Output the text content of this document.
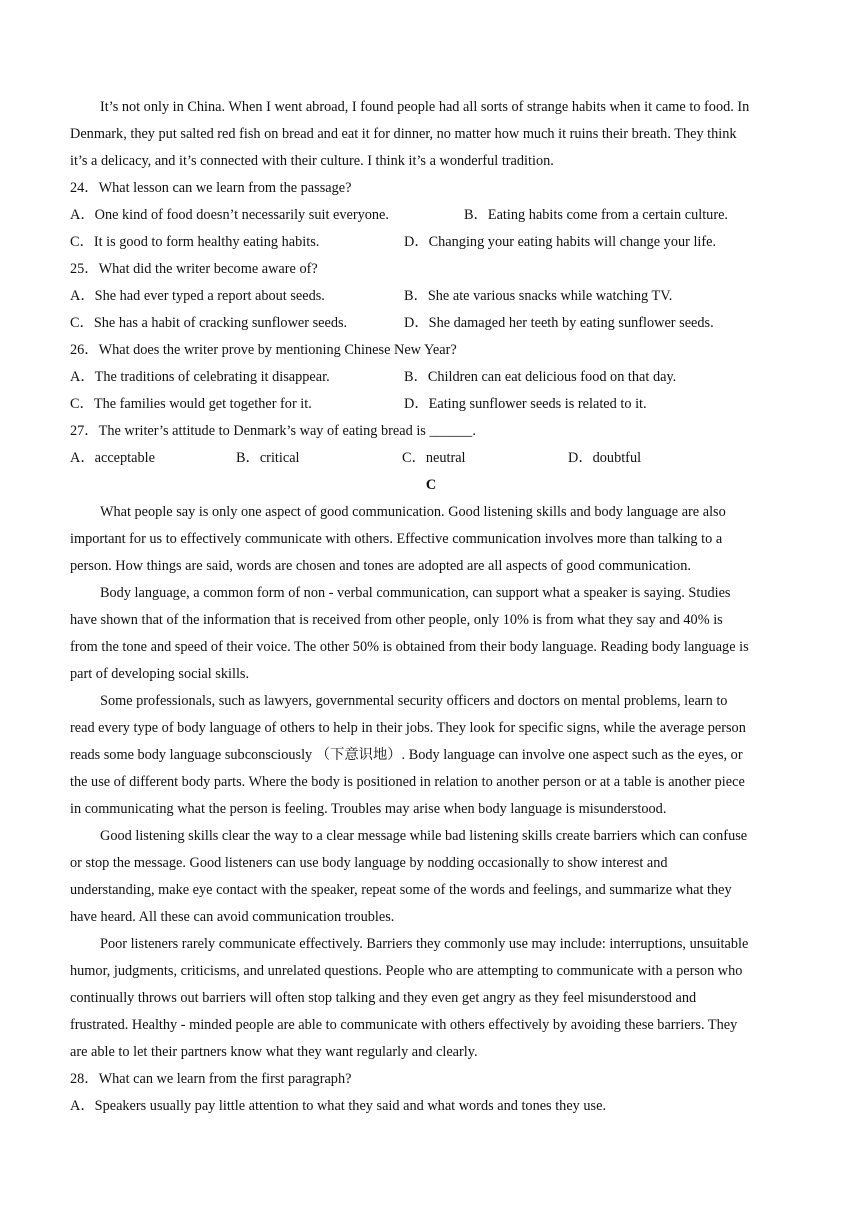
It’s not only in China. When I went abroad, I found people had all sorts of strange habits when it came to food. In
Denmark, they put salted red fish on bread and eat it for dinner, no matter how much it ruins their breath. They think
it’s a delicacy, and it’s connected with their culture. I think it’s a wonderful tradition.
24．What lesson can we learn from the passage?
A．One kind of food doesn’t necessarily suit everyone.	B．Eating habits come from a certain culture.
C．It is good to form healthy eating habits.	D．Changing your eating habits will change your life.
25．What did the writer become aware of?
A．She had ever typed a report about seeds.	B．She ate various snacks while watching TV.
C．She has a habit of cracking sunflower seeds.	D．She damaged her teeth by eating sunflower seeds.
26．What does the writer prove by mentioning Chinese New Year?
A．The traditions of celebrating it disappear.	B．Children can eat delicious food on that day.
C．The families would get together for it.	D．Eating sunflower seeds is related to it.
27．The writer’s attitude to Denmark’s way of eating bread is ______.
A．acceptable	B．critical	C．neutral	D．doubtful
C
What people say is only one aspect of good communication. Good listening skills and body language are also
important for us to effectively communicate with others. Effective communication involves more than talking to a
person. How things are said, words are chosen and tones are adopted are all aspects of good communication.
Body language, a common form of non - verbal communication, can support what a speaker is saying. Studies
have shown that of the information that is received from other people, only 10% is from what they say and 40% is
from the tone and speed of their voice. The other 50% is obtained from their body language. Reading body language is
part of developing social skills.
Some professionals, such as lawyers, governmental security officers and doctors on mental problems, learn to
read every type of body language of others to help in their jobs. They look for specific signs, while the average person
reads some body language subconsciously （下意识地）. Body language can involve one aspect such as the eyes, or
the use of different body parts. Where the body is positioned in relation to another person or at a table is another piece
in communicating what the person is feeling. Troubles may arise when body language is misunderstood.
Good listening skills clear the way to a clear message while bad listening skills create barriers which can confuse
or stop the message. Good listeners can use body language by nodding occasionally to show interest and
understanding, make eye contact with the speaker, repeat some of the words and feelings, and summarize what they
have heard. All these can avoid communication troubles.
Poor listeners rarely communicate effectively. Barriers they commonly use may include: interruptions, unsuitable
humor, judgments, criticisms, and unrelated questions. People who are attempting to communicate with a person who
continually throws out barriers will often stop talking and they even get angry as they feel misunderstood and
frustrated. Healthy - minded people are able to communicate with others effectively by avoiding these barriers. They
are able to let their partners know what they want regularly and clearly.
28．What can we learn from the first paragraph?
A．Speakers usually pay little attention to what they said and what words and tones they use.
